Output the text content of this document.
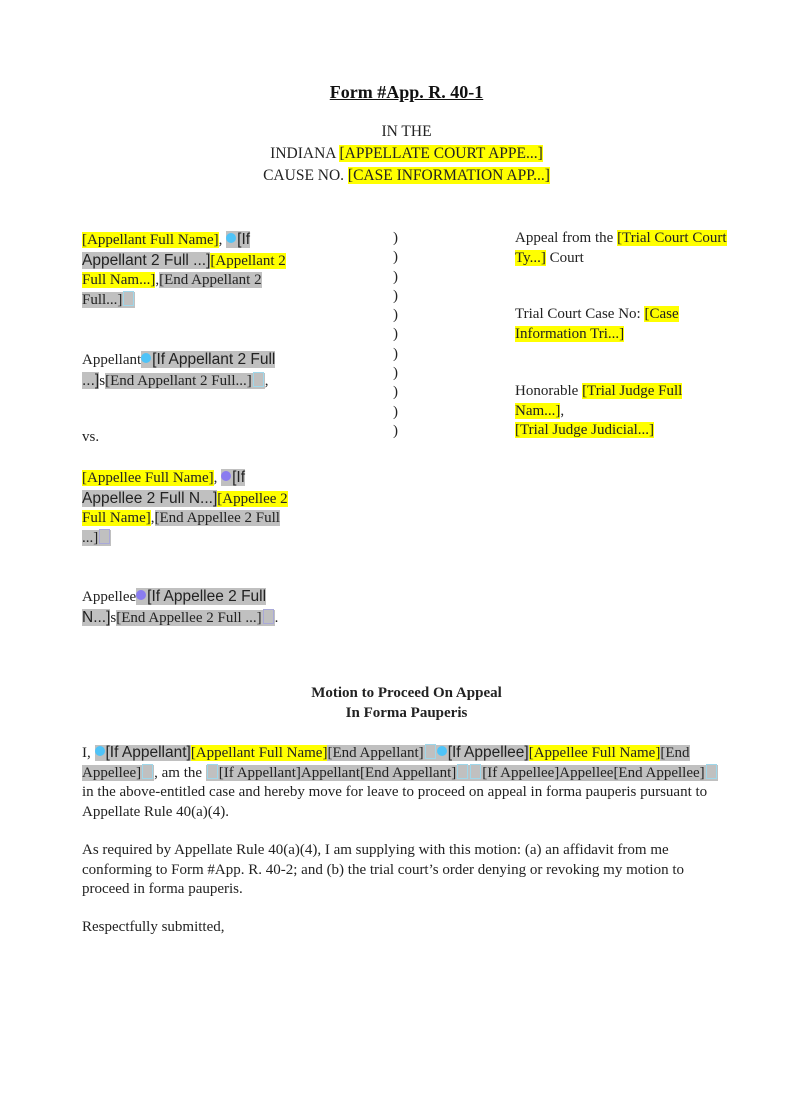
Form #App. R. 40-1
IN THE
INDIANA [APPELLATE COURT APPE...]
CAUSE NO. [CASE INFORMATION APP...]
[Appellant Full Name], [If Appellant 2 Full ...][Appellant 2 Full Nam...],[End Appellant 2 Full...]
Appellant [If Appellant 2 Full ...]s[End Appellant 2 Full...] ,
vs.
[Appellee Full Name], [If Appellee 2 Full N...][Appellee 2 Full Name],[End Appellee 2 Full ...]
Appellee [If Appellee 2 Full N...]s[End Appellee 2 Full ...] .
)
)
)
)
)
)
)
)
)
)
)
Appeal from the [Trial Court Court Ty...] Court
Trial Court Case No: [Case Information Tri...]
Honorable [Trial Judge Full Nam...],
[Trial Judge Judicial...]
Motion to Proceed On Appeal
In Forma Pauperis
I, [If Appellant][Appellant Full Name][End Appellant] [If Appellee][Appellee Full Name][End Appellee] , am the [If Appellant]Appellant[End Appellant] [If Appellee]Appellee[End Appellee] in the above-entitled case and hereby move for leave to proceed on appeal in forma pauperis pursuant to Appellate Rule 40(a)(4).
As required by Appellate Rule 40(a)(4), I am supplying with this motion: (a) an affidavit from me conforming to Form #App. R. 40-2; and (b) the trial court’s order denying or revoking my motion to proceed in forma pauperis.
Respectfully submitted,
